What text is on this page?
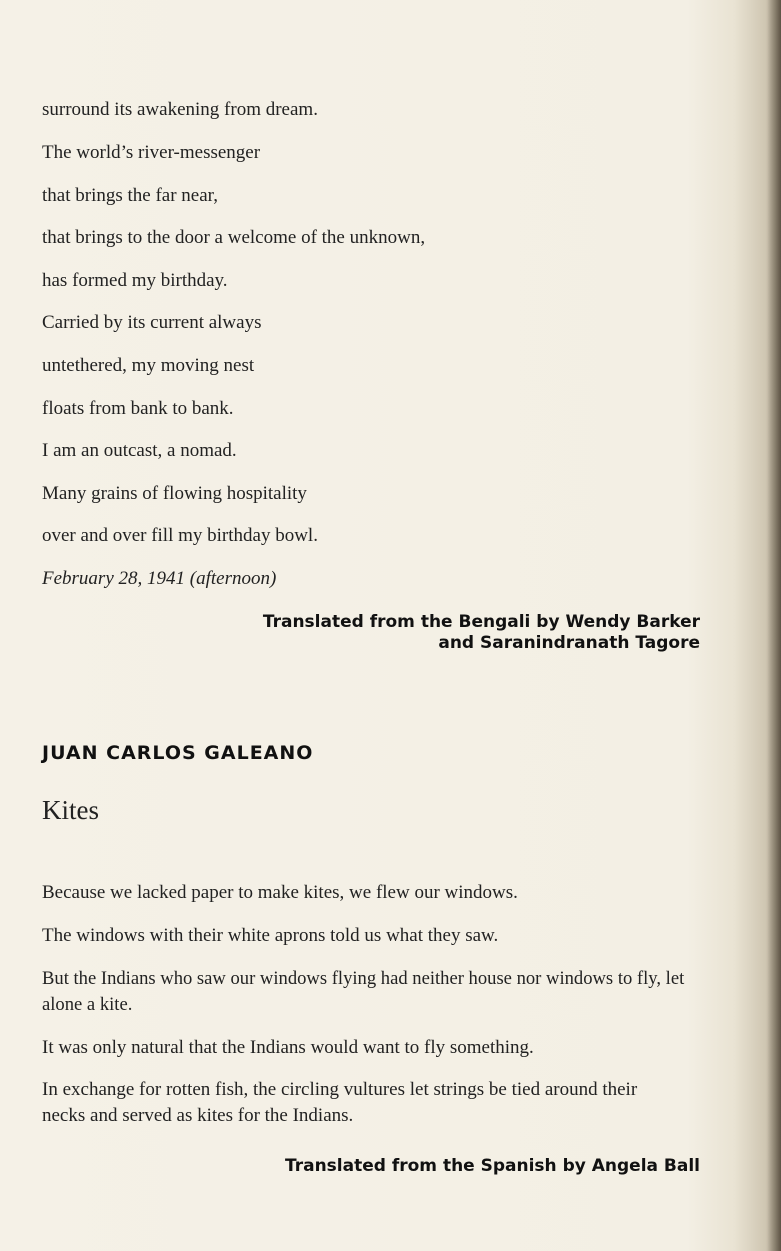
surround its awakening from dream.
The world’s river-messenger
that brings the far near,
that brings to the door a welcome of the unknown,
has formed my birthday.
Carried by its current always
untethered, my moving nest
floats from bank to bank.
I am an outcast, a nomad.
Many grains of flowing hospitality
over and over fill my birthday bowl.
February 28, 1941 (afternoon)
Translated from the Bengali by Wendy Barker
and Saranindranath Tagore
JUAN CARLOS GALEANO
Kites
Because we lacked paper to make kites, we flew our windows.
The windows with their white aprons told us what they saw.
But the Indians who saw our windows flying had neither house nor windows to fly, let alone a kite.
It was only natural that the Indians would want to fly something.
In exchange for rotten fish, the circling vultures let strings be tied around their necks and served as kites for the Indians.
Translated from the Spanish by Angela Ball
